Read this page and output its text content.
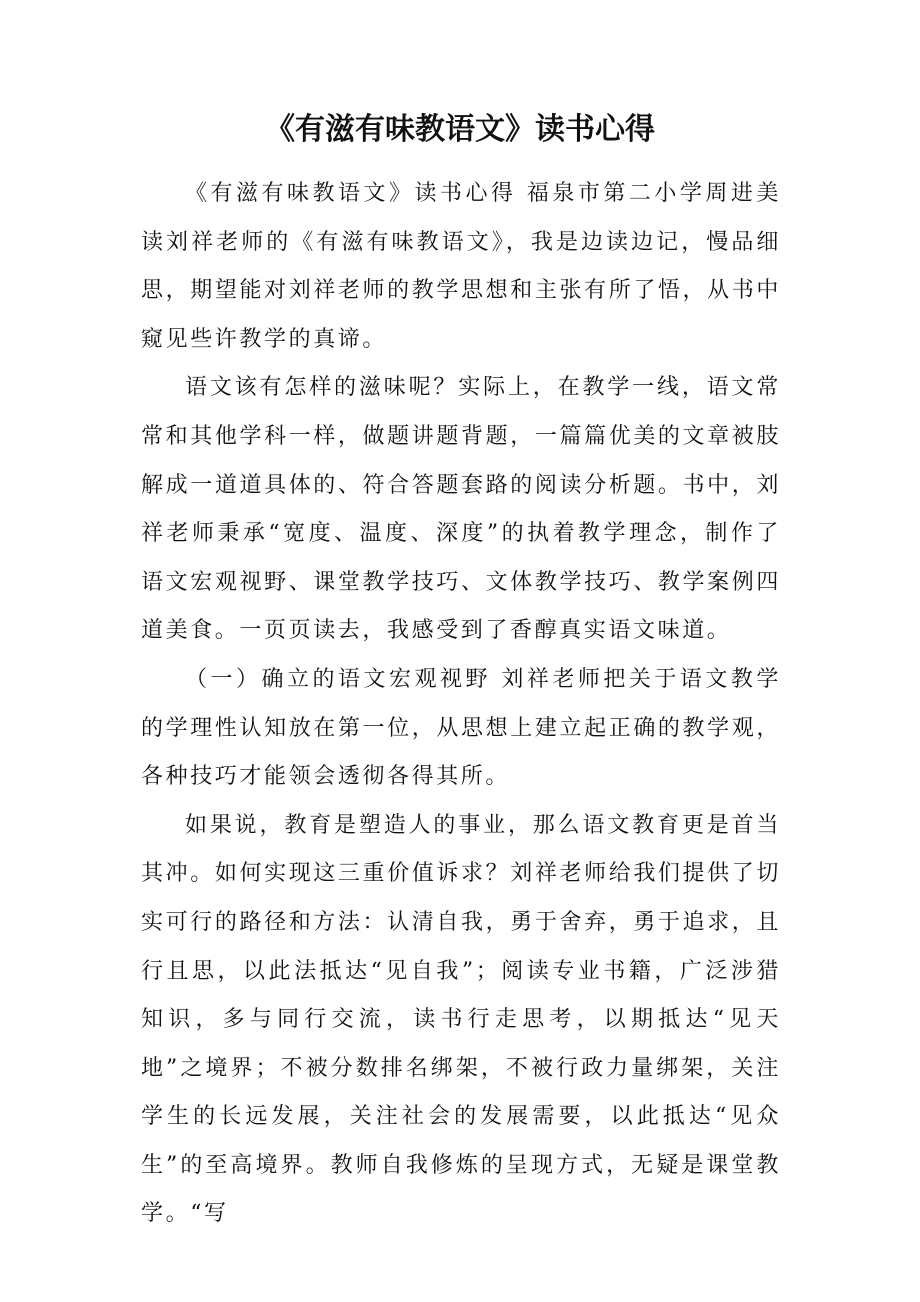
《有滋有味教语文》读书心得

《有滋有味教语文》读书心得 福泉市第二小学周进美 读刘祥老师的《有滋有味教语文》，我是边读边记，慢品细思，期望能对刘祥老师的教学思想和主张有所了悟，从书中窥见些许教学的真谛。

语文该有怎样的滋味呢？实际上，在教学一线，语文常常和其他学科一样，做题讲题背题，一篇篇优美的文章被肢解成一道道具体的、符合答题套路的阅读分析题。书中，刘祥老师秉承“宽度、温度、深度”的执着教学理念，制作了语文宏观视野、课堂教学技巧、文体教学技巧、教学案例四道美食。一页页读去，我感受到了香醇真实语文味道。

（一）确立的语文宏观视野 刘祥老师把关于语文教学的学理性认知放在第一位，从思想上建立起正确的教学观，各种技巧才能领会透彻各得其所。

如果说，教育是塑造人的事业，那么语文教育更是首当其冲。如何实现这三重价值诉求？刘祥老师给我们提供了切实可行的路径和方法：认清自我，勇于舍弃，勇于追求，且行且思，以此法抵达“见自我”；阅读专业书籍，广泛涉猎知识，多与同行交流，读书行走思考，以期抵达“见天地”之境界；不被分数排名绑架，不被行政力量绑架，关注学生的长远发展，关注社会的发展需要，以此抵达“见众生”的至高境界。教师自我修炼的呈现方式，无疑是课堂教学。“写
